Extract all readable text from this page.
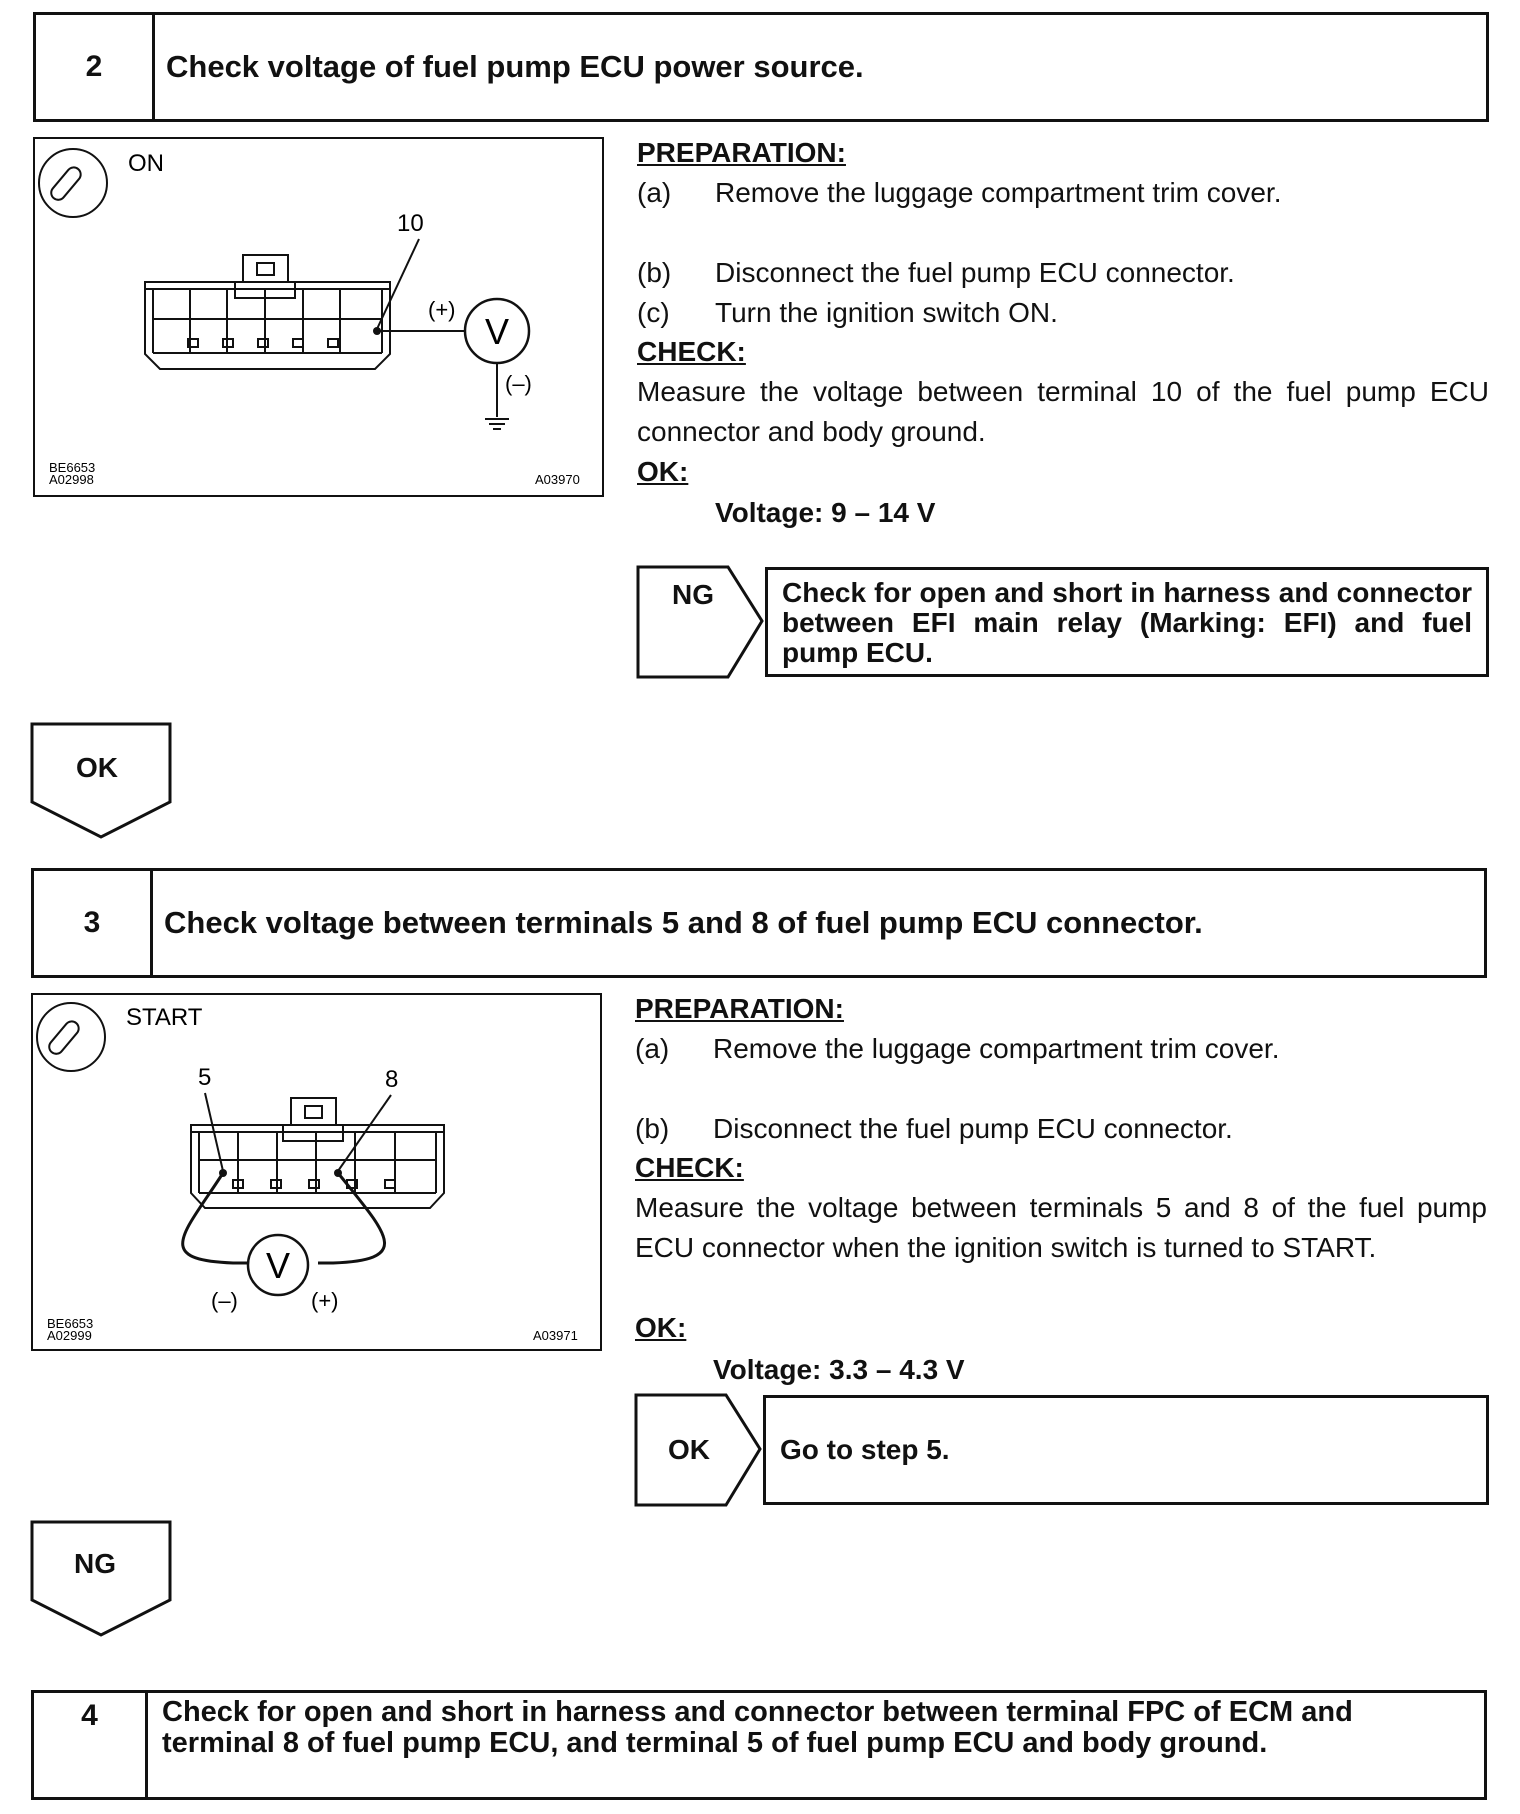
2	Check voltage of fuel pump ECU power source.
ON
10
V
(+)
(–)
BE6653
A02998	A03970
PREPARATION:
(a) Remove the luggage compartment trim cover.
(b) Disconnect the fuel pump ECU connector.
(c) Turn the ignition switch ON.
CHECK:
Measure the voltage between terminal 10 of the fuel pump ECU connector and body ground.
OK:
Voltage: 9 – 14 V
NG Check for open and short in harness and connector between EFI main relay (Marking: EFI) and fuel pump ECU.
OK
3	Check voltage between terminals 5 and 8 of fuel pump ECU connector.
START
5	8
V
(–)	(+)
BE6653
A02999	A03971
PREPARATION:
(a) Remove the luggage compartment trim cover.
(b) Disconnect the fuel pump ECU connector.
CHECK:
Measure the voltage between terminals 5 and 8 of the fuel pump ECU connector when the ignition switch is turned to START.
OK:
Voltage: 3.3 – 4.3 V
OK	Go to step 5.
NG
4	Check for open and short in harness and connector between terminal FPC of ECM and terminal 8 of fuel pump ECU, and terminal 5 of fuel pump ECU and body ground.
